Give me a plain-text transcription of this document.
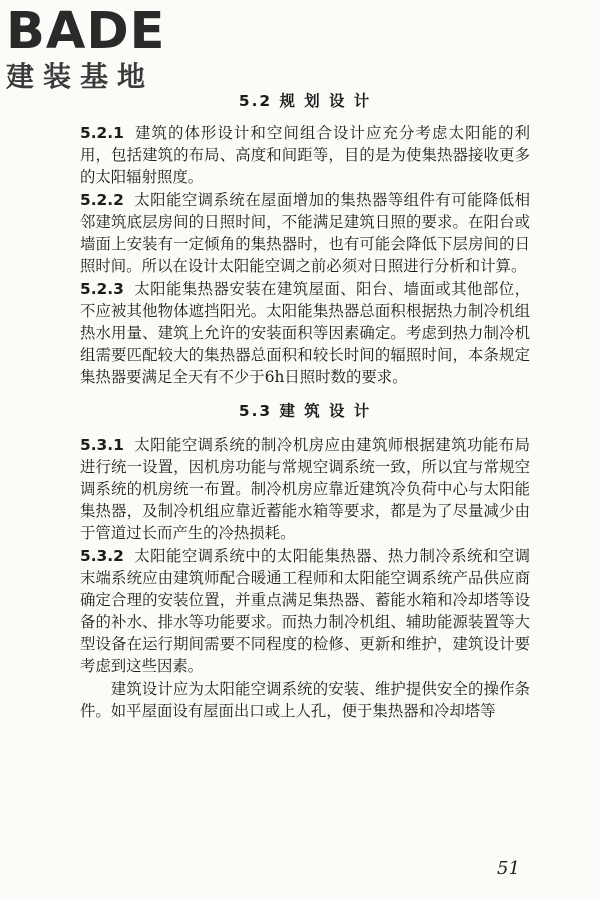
BADE
建装基地
5.2 规 划 设 计

5.2.1 建筑的体形设计和空间组合设计应充分考虑太阳能的利用，包括建筑的布局、高度和间距等，目的是为使集热器接收更多的太阳辐射照度。

5.2.2 太阳能空调系统在屋面增加的集热器等组件有可能降低相邻建筑底层房间的日照时间，不能满足建筑日照的要求。在阳台或墙面上安装有一定倾角的集热器时，也有可能会降低下层房间的日照时间。所以在设计太阳能空调之前必须对日照进行分析和计算。

5.2.3 太阳能集热器安装在建筑屋面、阳台、墙面或其他部位，不应被其他物体遮挡阳光。太阳能集热器总面积根据热力制冷机组热水用量、建筑上允许的安装面积等因素确定。考虑到热力制冷机组需要匹配较大的集热器总面积和较长时间的辐照时间，本条规定集热器要满足全天有不少于6h日照时数的要求。

5.3 建 筑 设 计

5.3.1 太阳能空调系统的制冷机房应由建筑师根据建筑功能布局进行统一设置，因机房功能与常规空调系统一致，所以宜与常规空调系统的机房统一布置。制冷机房应靠近建筑冷负荷中心与太阳能集热器，及制冷机组应靠近蓄能水箱等要求，都是为了尽量减少由于管道过长而产生的冷热损耗。

5.3.2 太阳能空调系统中的太阳能集热器、热力制冷系统和空调末端系统应由建筑师配合暖通工程师和太阳能空调系统产品供应商确定合理的安装位置，并重点满足集热器、蓄能水箱和冷却塔等设备的补水、排水等功能要求。而热力制冷机组、辅助能源装置等大型设备在运行期间需要不同程度的检修、更新和维护，建筑设计要考虑到这些因素。

建筑设计应为太阳能空调系统的安装、维护提供安全的操作条件。如平屋面设有屋面出口或上人孔，便于集热器和冷却塔等

51
